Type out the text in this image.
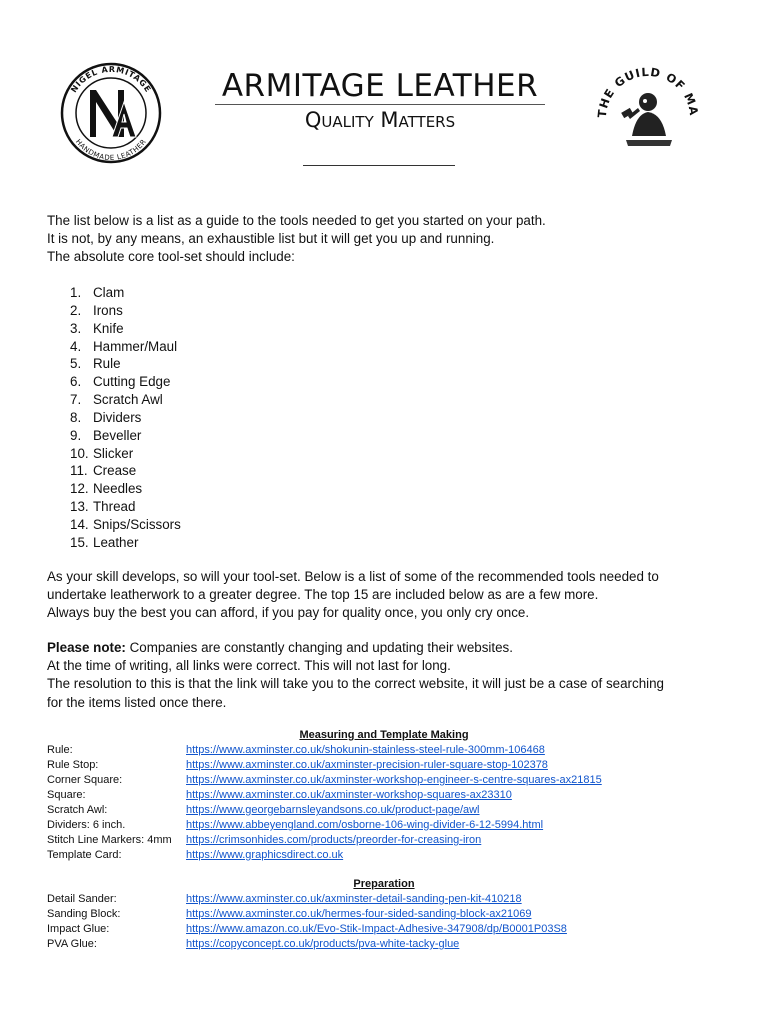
NIGEL ARMITAGE
HANDMADE LEATHER
ARMITAGE LEATHER
Quality Matters	THE GUILD OF MA
The list below is a list as a guide to the tools needed to get you started on your path.
It is not, by any means, an exhaustible list but it will get you up and running.
The absolute core tool-set should include:
1. Clam
2. Irons
3. Knife
4. Hammer/Maul
5. Rule
6. Cutting Edge
7. Scratch Awl
8. Dividers
9. Beveller
10. Slicker
11. Crease
12. Needles
13. Thread
14. Snips/Scissors
15. Leather
As your skill develops, so will your tool-set. Below is a list of some of the recommended tools needed to
undertake leatherwork to a greater degree. The top 15 are included below as are a few more.
Always buy the best you can afford, if you pay for quality once, you only cry once.
Please note: Companies are constantly changing and updating their websites.
At the time of writing, all links were correct. This will not last for long.
The resolution to this is that the link will take you to the correct website, it will just be a case of searching
for the items listed once there.
Measuring and Template Making
Rule:	https://www.axminster.co.uk/shokunin-stainless-steel-rule-300mm-106468
Rule Stop:	https://www.axminster.co.uk/axminster-precision-ruler-square-stop-102378
Corner Square:	https://www.axminster.co.uk/axminster-workshop-engineer-s-centre-squares-ax21815
Square:	https://www.axminster.co.uk/axminster-workshop-squares-ax23310
Scratch Awl:	https://www.georgebarnsleyandsons.co.uk/product-page/awl
Dividers: 6 inch.	https://www.abbeyengland.com/osborne-106-wing-divider-6-12-5994.html
Stitch Line Markers: 4mm	https://crimsonhides.com/products/preorder-for-creasing-iron
Template Card:	https://www.graphicsdirect.co.uk
Preparation
Detail Sander:	https://www.axminster.co.uk/axminster-detail-sanding-pen-kit-410218
Sanding Block:	https://www.axminster.co.uk/hermes-four-sided-sanding-block-ax21069
Impact Glue:	https://www.amazon.co.uk/Evo-Stik-Impact-Adhesive-347908/dp/B0001P03S8
PVA Glue:	https://copyconcept.co.uk/products/pva-white-tacky-glue
